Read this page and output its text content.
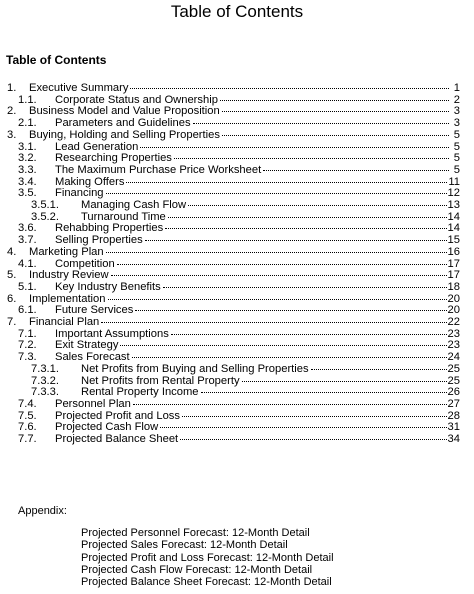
Table of Contents
Table of Contents
1. Executive Summary	1
1.1. Corporate Status and Ownership	2
2. Business Model and Value Proposition	3
2.1. Parameters and Guidelines	3
3. Buying, Holding and Selling Properties	5
3.1. Lead Generation	5
3.2. Researching Properties	5
3.3. The Maximum Purchase Price Worksheet	5
3.4. Making Offers	11
3.5. Financing	12
3.5.1. Managing Cash Flow	13
3.5.2. Turnaround Time	14
3.6. Rehabbing Properties	14
3.7. Selling Properties	15
4. Marketing Plan	16
4.1. Competition	17
5. Industry Review	17
5.1. Key Industry Benefits	18
6. Implementation	20
6.1. Future Services	20
7. Financial Plan	22
7.1. Important Assumptions	23
7.2. Exit Strategy	23
7.3. Sales Forecast	24
7.3.1. Net Profits from Buying and Selling Properties	25
7.3.2. Net Profits from Rental Property	25
7.3.3. Rental Property Income	26
7.4. Personnel Plan	27
7.5. Projected Profit and Loss	28
7.6. Projected Cash Flow	31
7.7. Projected Balance Sheet	34
Appendix:
Projected Personnel Forecast: 12-Month Detail
Projected Sales Forecast: 12-Month Detail
Projected Profit and Loss Forecast: 12-Month Detail
Projected Cash Flow Forecast: 12-Month Detail
Projected Balance Sheet Forecast: 12-Month Detail
